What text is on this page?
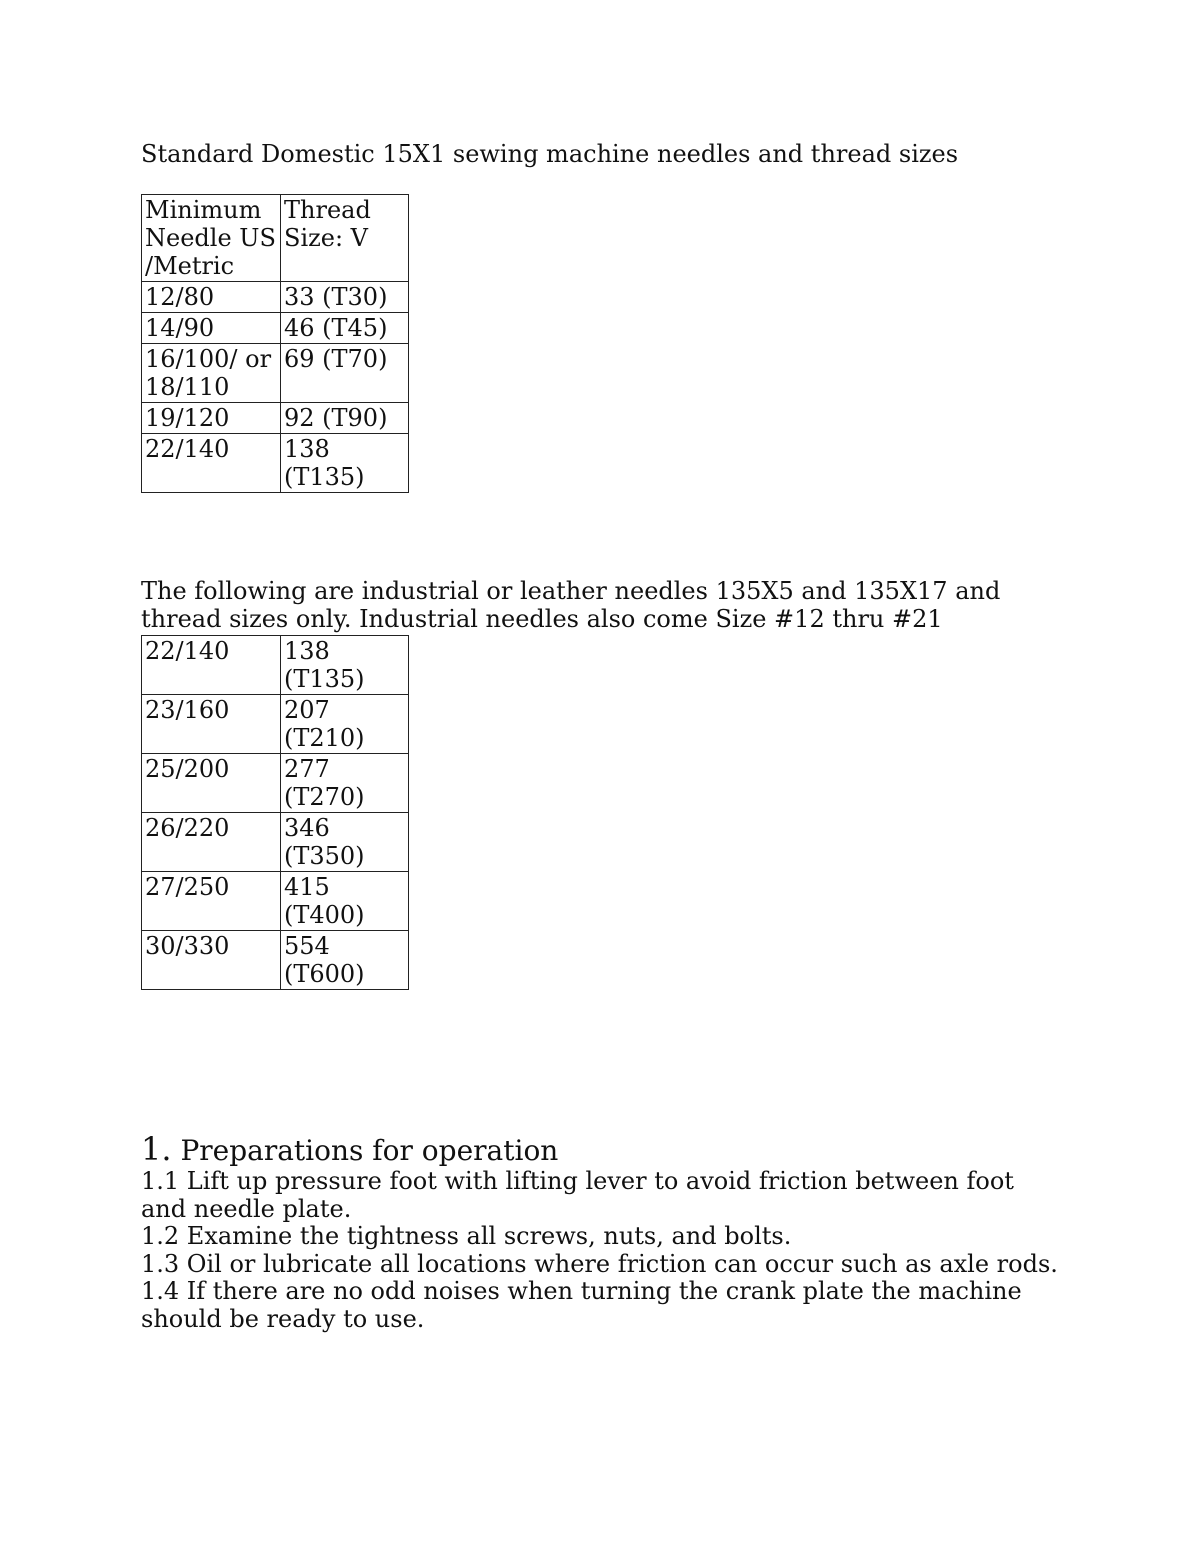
Standard Domestic 15X1 sewing machine needles and thread sizes

Minimum Needle US /Metric	Thread Size: V
12/80	33 (T30)
14/90	46 (T45)
16/100/ or 18/110	69 (T70)
19/120	92 (T90)
22/140	138 (T135)

The following are industrial or leather needles 135X5 and 135X17 and thread sizes only. Industrial needles also come Size #12 thru #21

22/140	138 (T135)
23/160	207 (T210)
25/200	277 (T270)
26/220	346 (T350)
27/250	415 (T400)
30/330	554 (T600)
1. Preparations for operation
1.1 Lift up pressure foot with lifting lever to avoid friction between foot and needle plate.
1.2 Examine the tightness all screws, nuts, and bolts.
1.3 Oil or lubricate all locations where friction can occur such as axle rods.
1.4 If there are no odd noises when turning the crank plate the machine should be ready to use.
